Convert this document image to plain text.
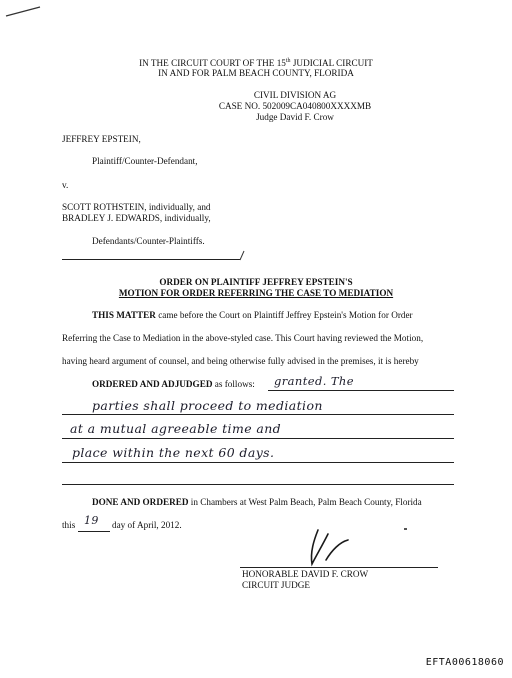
IN THE CIRCUIT COURT OF THE 15th JUDICIAL CIRCUIT
IN AND FOR PALM BEACH COUNTY, FLORIDA
CIVIL DIVISION AG
CASE NO. 502009CA040800XXXXMB
Judge David F. Crow
JEFFREY EPSTEIN,
Plaintiff/Counter-Defendant,
v.
SCOTT ROTHSTEIN, individually, and
BRADLEY J. EDWARDS, individually,
Defendants/Counter-Plaintiffs.
ORDER ON PLAINTIFF JEFFREY EPSTEIN'S
MOTION FOR ORDER REFERRING THE CASE TO MEDIATION
THIS MATTER came before the Court on Plaintiff Jeffrey Epstein's Motion for Order
Referring the Case to Mediation in the above-styled case. This Court having reviewed the Motion,
having heard argument of counsel, and being otherwise fully advised in the premises, it is hereby
ORDERED AND ADJUDGED as follows: granted. The
parties shall proceed to mediation
at a mutual agreeable time and
place within the next 60 days.
DONE AND ORDERED in Chambers at West Palm Beach, Palm Beach County, Florida
this 19 day of April, 2012.
HONORABLE DAVID F. CROW
CIRCUIT JUDGE
EFTA00618060
